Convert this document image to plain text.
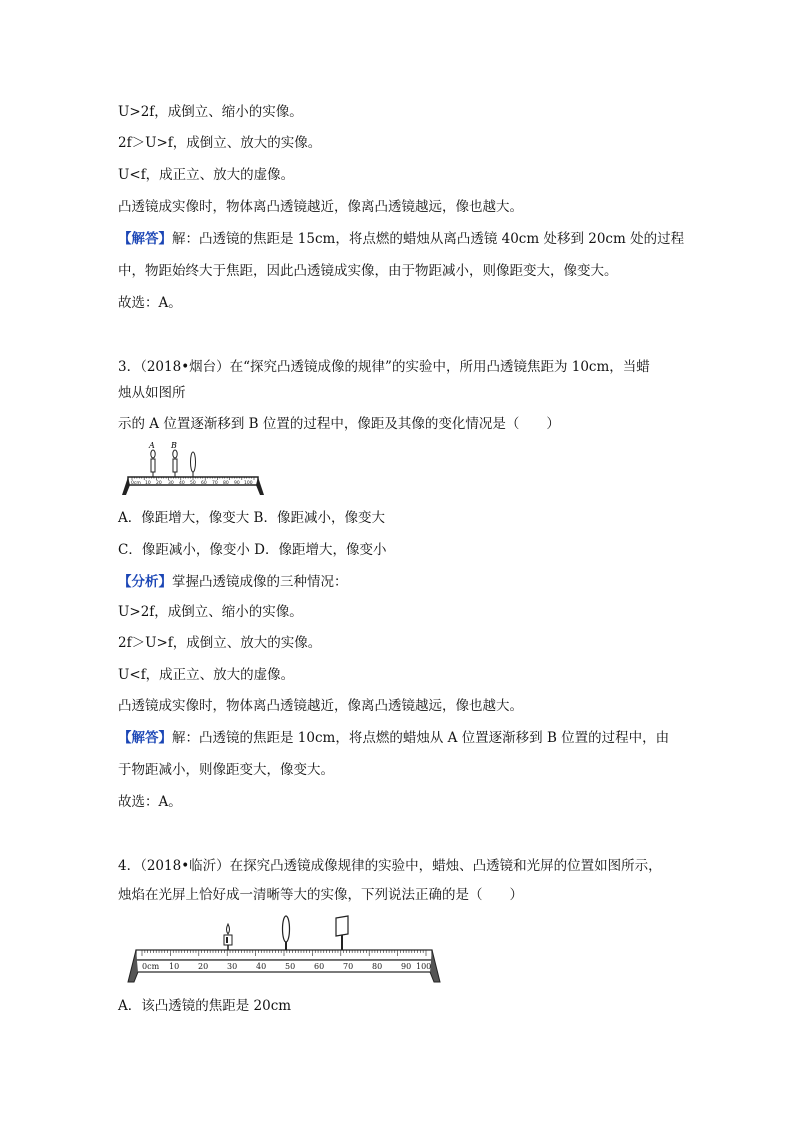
U>2f，成倒立、缩小的实像。
2f＞U>f，成倒立、放大的实像。
U<f，成正立、放大的虚像。
凸透镜成实像时，物体离凸透镜越近，像离凸透镜越远，像也越大。
【解答】解：凸透镜的焦距是 15cm，将点燃的蜡烛从离凸透镜 40cm 处移到 20cm 处的过程
中，物距始终大于焦距，因此凸透镜成实像，由于物距减小，则像距变大，像变大。
故选：A。
3．（2018•烟台）在“探究凸透镜成像的规律”的实验中，所用凸透镜焦距为 10cm，当蜡
烛从如图所
示的 A 位置逐渐移到 B 位置的过程中，像距及其像的变化情况是（　　）
A B
0cm 10 20 30 40 50 60 70 80 90 100
A．像距增大，像变大 B．像距减小，像变大
C．像距减小，像变小 D．像距增大，像变小
【分析】掌握凸透镜成像的三种情况：
U>2f，成倒立、缩小的实像。
2f＞U>f，成倒立、放大的实像。
U<f，成正立、放大的虚像。
凸透镜成实像时，物体离凸透镜越近，像离凸透镜越远，像也越大。
【解答】解：凸透镜的焦距是 10cm，将点燃的蜡烛从 A 位置逐渐移到 B 位置的过程中，由
于物距减小，则像距变大，像变大。
故选：A。
4．（2018•临沂）在探究凸透镜成像规律的实验中，蜡烛、凸透镜和光屏的位置如图所示，
烛焰在光屏上恰好成一清晰等大的实像，下列说法正确的是（　　）
0cm 10 20 30 40 50 60 70 80 90 100
A．该凸透镜的焦距是 20cm
